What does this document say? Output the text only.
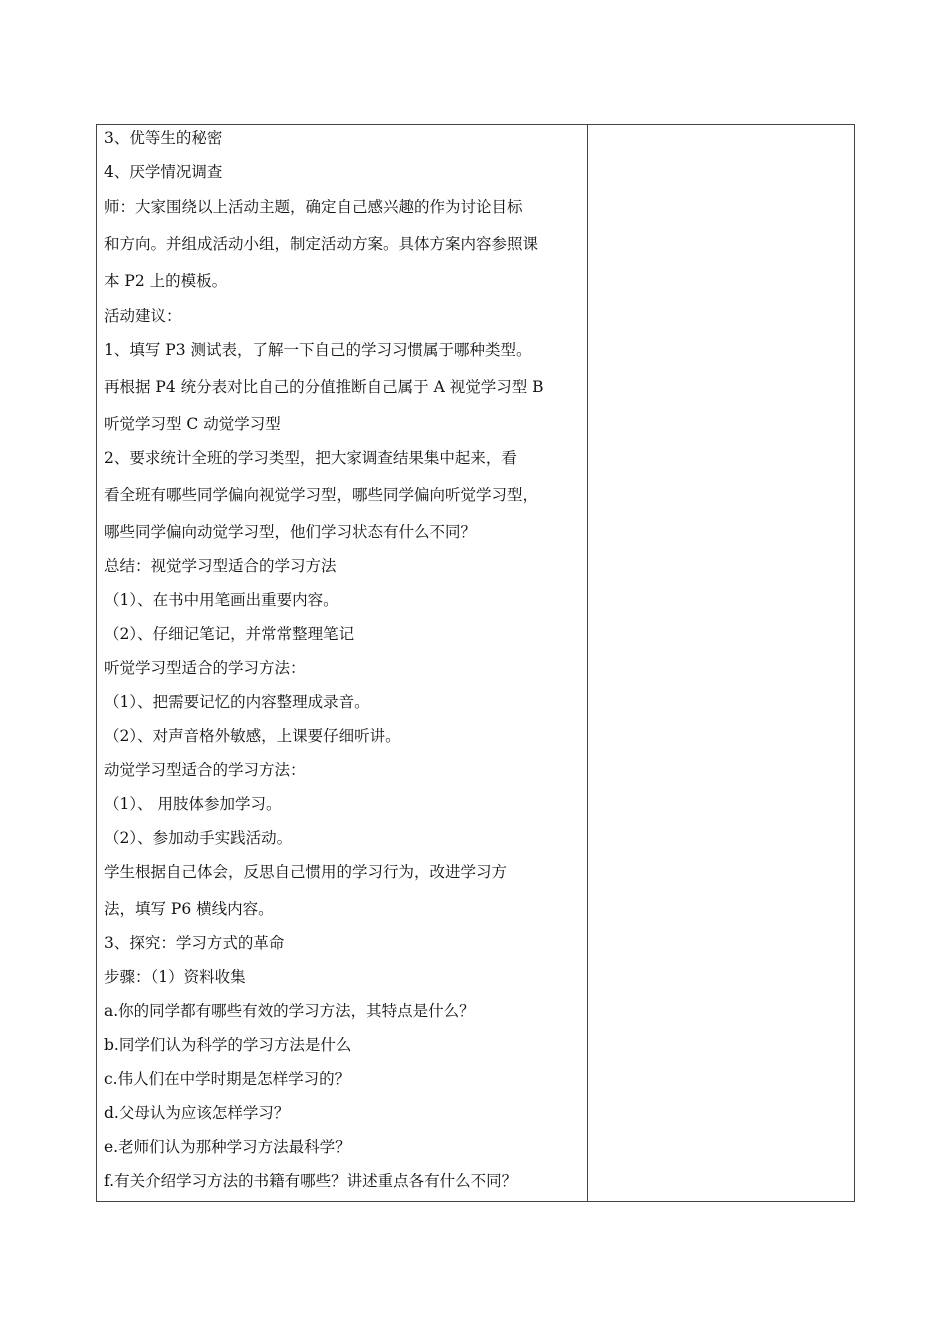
3、优等生的秘密
4、厌学情况调查
师：大家围绕以上活动主题，确定自己感兴趣的作为讨论目标
和方向。并组成活动小组，制定活动方案。具体方案内容参照课
本 P2 上的模板。
活动建议：
1、填写 P3 测试表，了解一下自己的学习习惯属于哪种类型。
再根据 P4 统分表对比自己的分值推断自己属于 A 视觉学习型 B
听觉学习型 C 动觉学习型
2、要求统计全班的学习类型，把大家调查结果集中起来，看
看全班有哪些同学偏向视觉学习型，哪些同学偏向听觉学习型，
哪些同学偏向动觉学习型，他们学习状态有什么不同？
总结：视觉学习型适合的学习方法
（1）、在书中用笔画出重要内容。
（2）、仔细记笔记，并常常整理笔记
听觉学习型适合的学习方法：
（1）、把需要记忆的内容整理成录音。
（2）、对声音格外敏感，上课要仔细听讲。
动觉学习型适合的学习方法：
（1）、 用肢体参加学习。
（2）、参加动手实践活动。
学生根据自己体会，反思自己惯用的学习行为，改进学习方
法，填写 P6 横线内容。
3、探究：学习方式的革命
步骤：（1）资料收集
a.你的同学都有哪些有效的学习方法，其特点是什么？
b.同学们认为科学的学习方法是什么
c.伟人们在中学时期是怎样学习的？
d.父母认为应该怎样学习？
e.老师们认为那种学习方法最科学？
f.有关介绍学习方法的书籍有哪些？讲述重点各有什么不同？
